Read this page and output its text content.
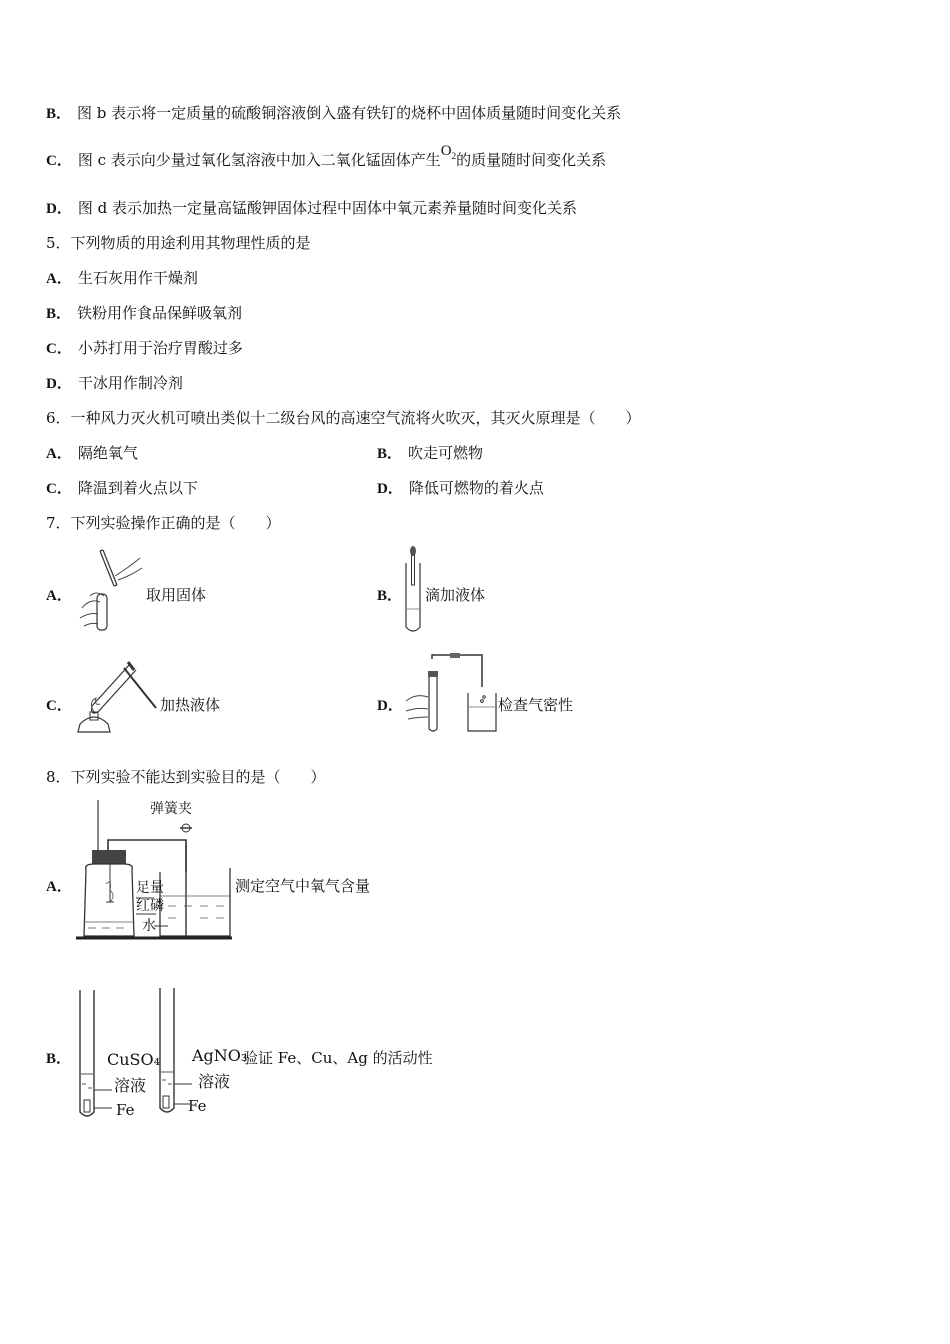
B． 图 b 表示将一定质量的硫酸铜溶液倒入盛有铁钉的烧杯中固体质量随时间变化关系
C． 图 c 表示向少量过氧化氢溶液中加入二氧化锰固体产生$O_2$的质量随时间变化关系
D． 图 d 表示加热一定量高锰酸钾固体过程中固体中氧元素养量随时间变化关系
5．下列物质的用途利用其物理性质的是
A． 生石灰用作干燥剂
B． 铁粉用作食品保鲜吸氧剂
C． 小苏打用于治疗胃酸过多
D． 干冰用作制冷剂
6．一种风力灭火机可喷出类似十二级台风的高速空气流将火吹灭，其灭火原理是（　　）
A． 隔绝氧气	B． 吹走可燃物
C． 降温到着火点以下	D． 降低可燃物的着火点
7．下列实验操作正确的是（　　）
A．	取用固体	B．	滴加液体
C．	加热液体	D．	检查气密性
8．下列实验不能达到实验目的是（　　）
A．
弹簧夹
足量
红磷
水
测定空气中氧气含量
B．	CuSO₄
溶液
Fe
AgNO₃
溶液
Fe
验证 Fe、Cu、Ag 的活动性
